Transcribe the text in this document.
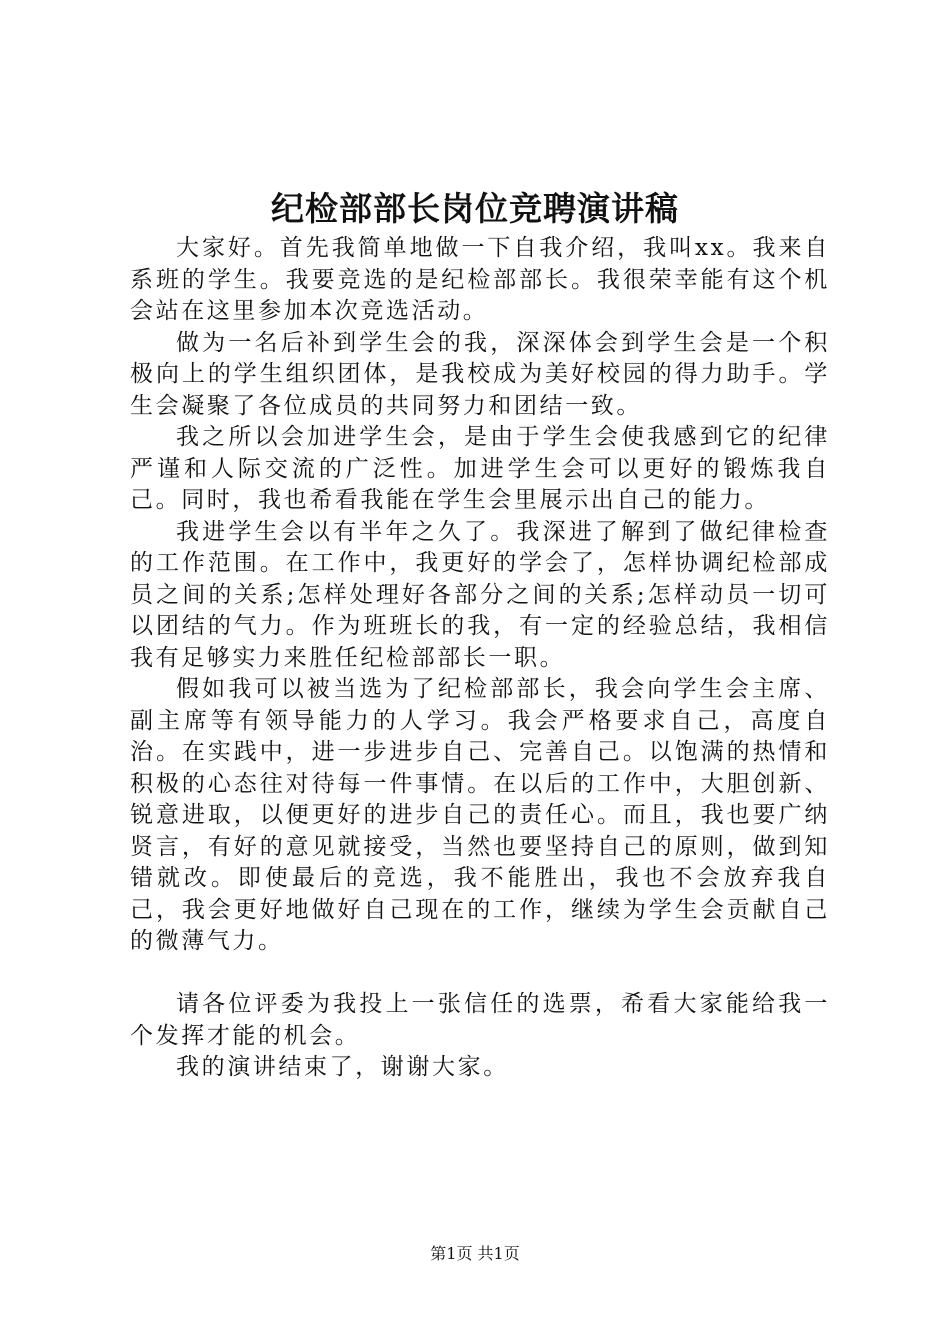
纪检部部长岗位竞聘演讲稿

大家好。首先我简单地做一下自我介绍，我叫xx。我来自系班的学生。我要竞选的是纪检部部长。我很荣幸能有这个机会站在这里参加本次竞选活动。

做为一名后补到学生会的我，深深体会到学生会是一个积极向上的学生组织团体，是我校成为美好校园的得力助手。学生会凝聚了各位成员的共同努力和团结一致。

我之所以会加进学生会，是由于学生会使我感到它的纪律严谨和人际交流的广泛性。加进学生会可以更好的锻炼我自己。同时，我也希看我能在学生会里展示出自己的能力。

我进学生会以有半年之久了。我深进了解到了做纪律检查的工作范围。在工作中，我更好的学会了，怎样协调纪检部成员之间的关系;怎样处理好各部分之间的关系;怎样动员一切可以团结的气力。作为班班长的我，有一定的经验总结，我相信我有足够实力来胜任纪检部部长一职。

假如我可以被当选为了纪检部部长，我会向学生会主席、副主席等有领导能力的人学习。我会严格要求自己，高度自治。在实践中，进一步进步自己、完善自己。以饱满的热情和积极的心态往对待每一件事情。在以后的工作中，大胆创新、锐意进取，以便更好的进步自己的责任心。而且，我也要广纳贤言，有好的意见就接受，当然也要坚持自己的原则，做到知错就改。即使最后的竞选，我不能胜出，我也不会放弃我自己，我会更好地做好自己现在的工作，继续为学生会贡献自己的微薄气力。

请各位评委为我投上一张信任的选票，希看大家能给我一个发挥才能的机会。

我的演讲结束了，谢谢大家。

第1页 共1页
